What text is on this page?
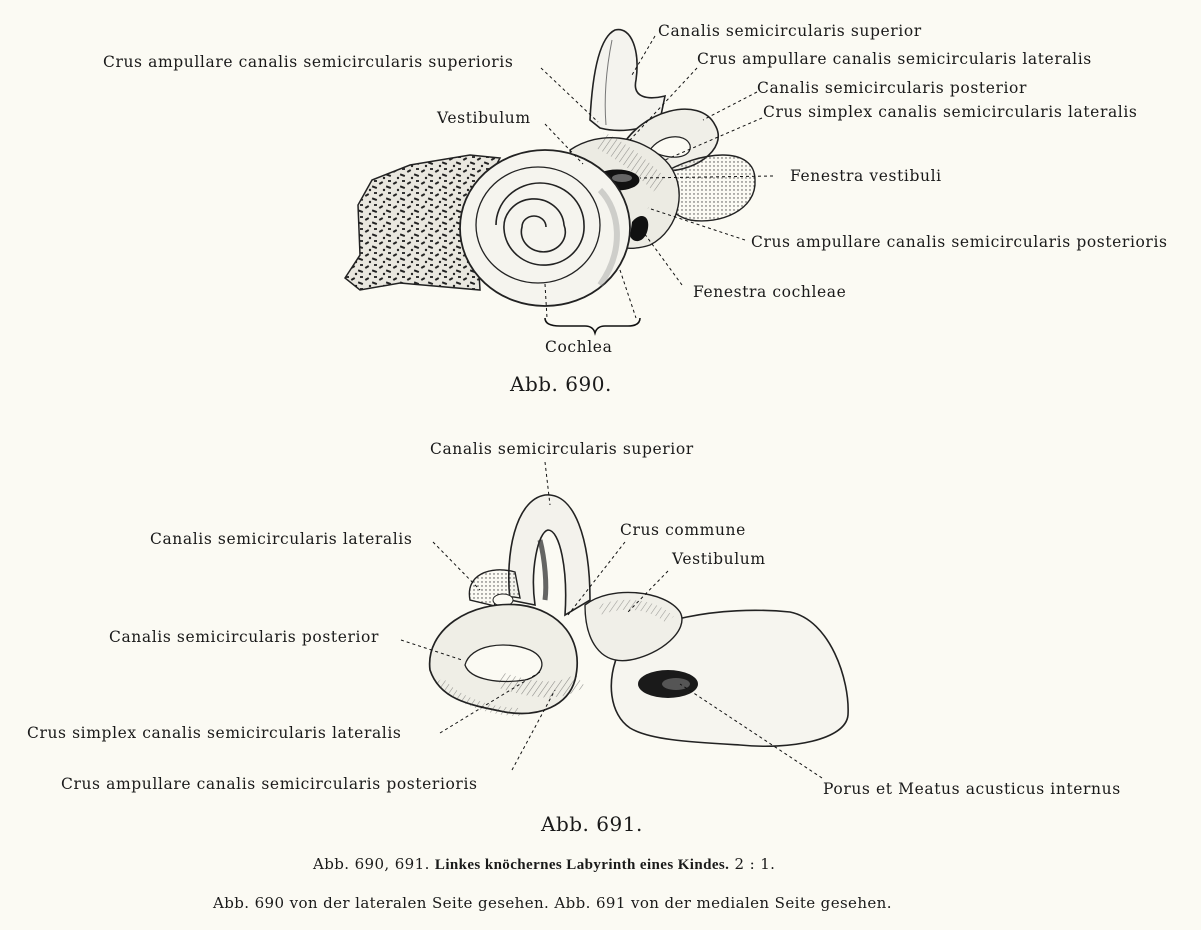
Canalis semicircularis superior
Crus ampullare canalis semicircularis superioris	Crus ampullare canalis semicircularis lateralis
Canalis semicircularis posterior
Vestibulum	Crus simplex canalis semicircularis lateralis
Fenestra vestibuli
Crus ampullare canalis semicircularis posterioris
Fenestra cochleae
Cochlea
Abb. 690.
Canalis semicircularis superior
Canalis semicircularis lateralis	Crus commune
Vestibulum
Canalis semicircularis posterior
Crus simplex canalis semicircularis lateralis
Crus ampullare canalis semicircularis posterioris	Porus et Meatus acusticus internus
Abb. 691.
Abb. 690, 691. Linkes knöchernes Labyrinth eines Kindes. 2 : 1.
Abb. 690 von der lateralen Seite gesehen. Abb. 691 von der medialen Seite gesehen.
